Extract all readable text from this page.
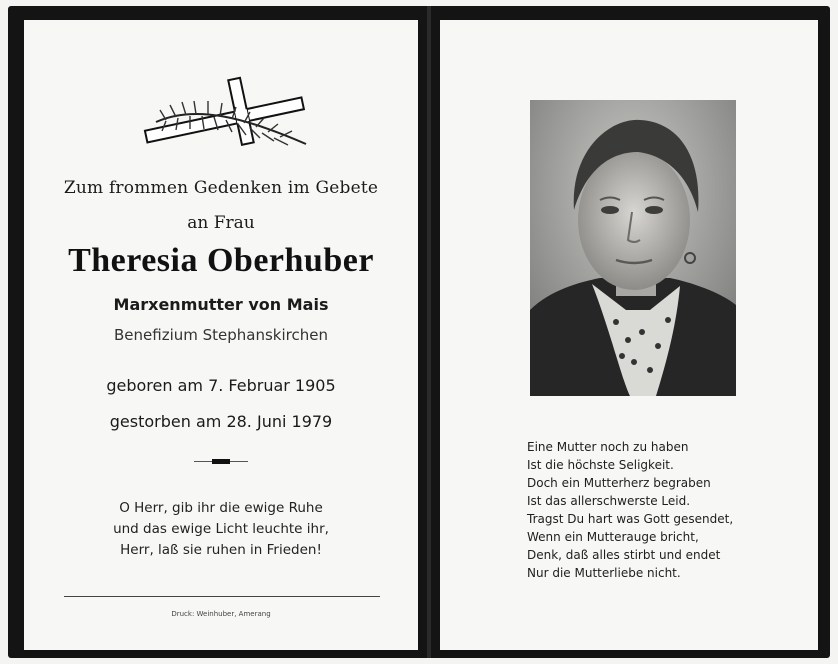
Zum frommen Gedenken im Gebete
an Frau
Theresia Oberhuber
Marxenmutter von Mais
Benefizium Stephanskirchen
geboren am 7. Februar 1905
gestorben am 28. Juni 1979
O Herr, gib ihr die ewige Ruhe
und das ewige Licht leuchte ihr,
Herr, laß sie ruhen in Frieden!
Druck: Weinhuber, Amerang
Eine Mutter noch zu haben
Ist die höchste Seligkeit.
Doch ein Mutterherz begraben
Ist das allerschwerste Leid.
Tragst Du hart was Gott gesendet,
Wenn ein Mutterauge bricht,
Denk, daß alles stirbt und endet
Nur die Mutterliebe nicht.
